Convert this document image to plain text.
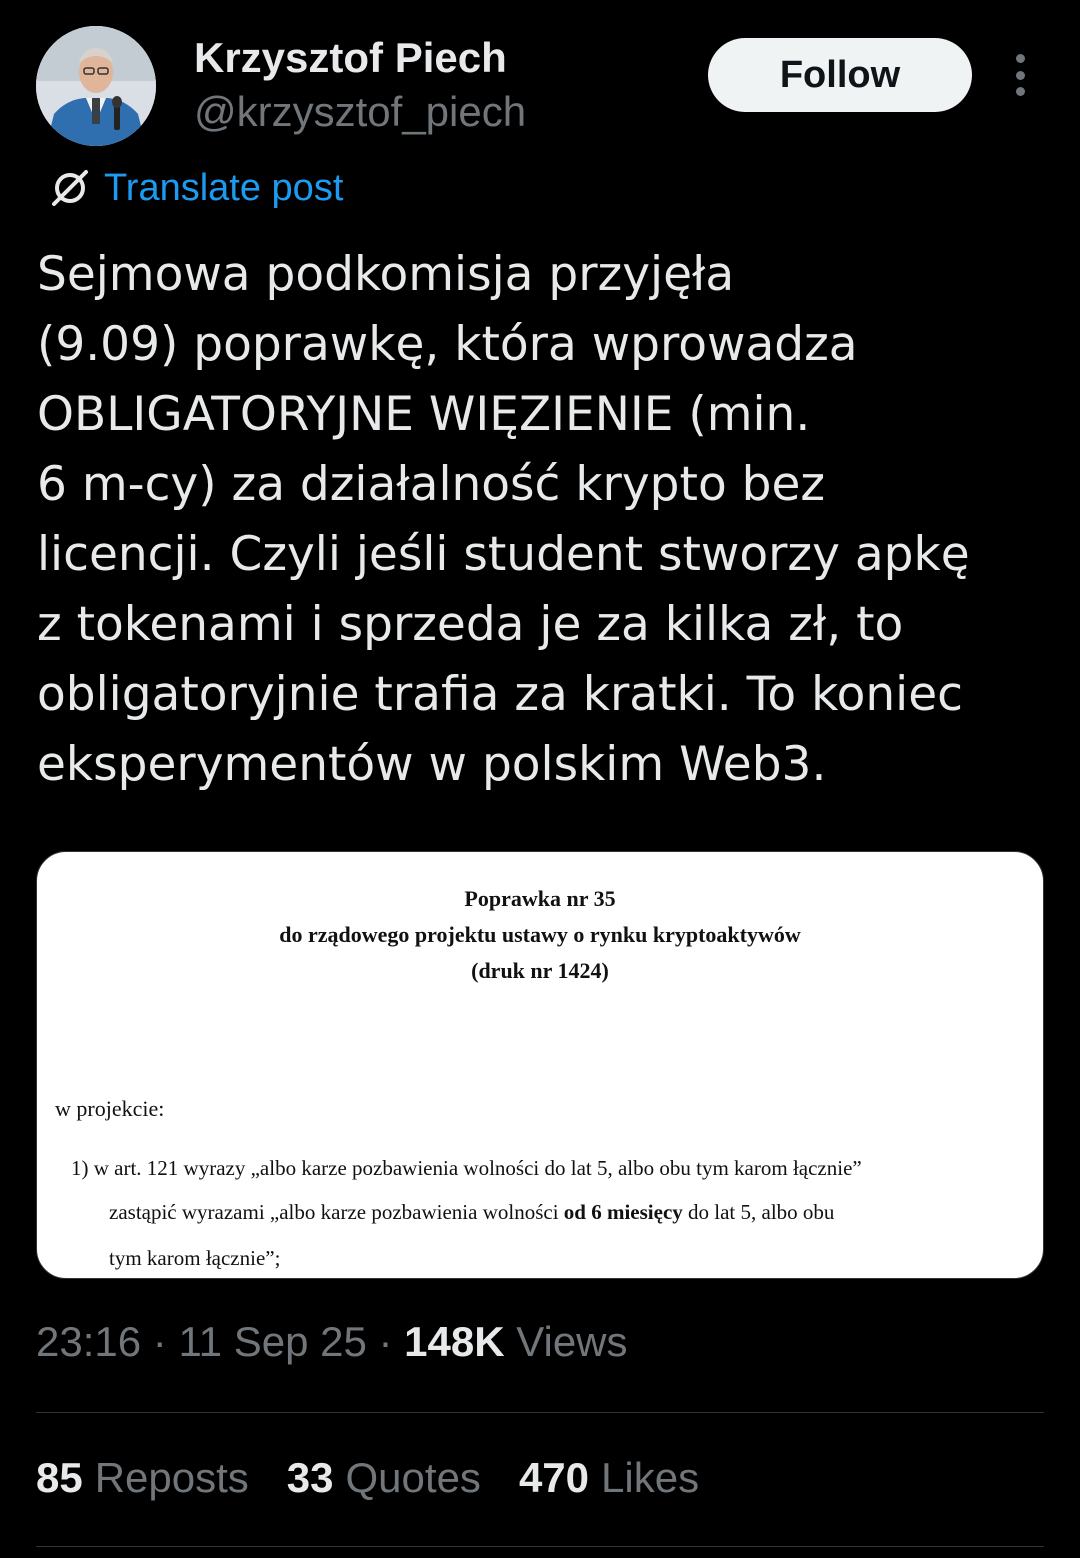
Krzysztof Piech
@krzysztof_piech
Follow
Translate post
Sejmowa podkomisja przyjęła
(9.09) poprawkę, która wprowadza
OBLIGATORYJNE WIĘZIENIE (min.
6 m-cy) za działalność krypto bez
licencji. Czyli jeśli student stworzy apkę
z tokenami i sprzeda je za kilka zł, to
obligatoryjnie trafia za kratki. To koniec
eksperymentów w polskim Web3.
Poprawka nr 35
do rządowego projektu ustawy o rynku kryptoaktywów
(druk nr 1424)
w projekcie:
1) w art. 121 wyrazy „albo karze pozbawienia wolności do lat 5, albo obu tym karom łącznie”
zastąpić wyrazami „albo karze pozbawienia wolności od 6 miesięcy do lat 5, albo obu
tym karom łącznie”;
23:16 · 11 Sep 25 · 148K Views
85 Reposts 33 Quotes 470 Likes
